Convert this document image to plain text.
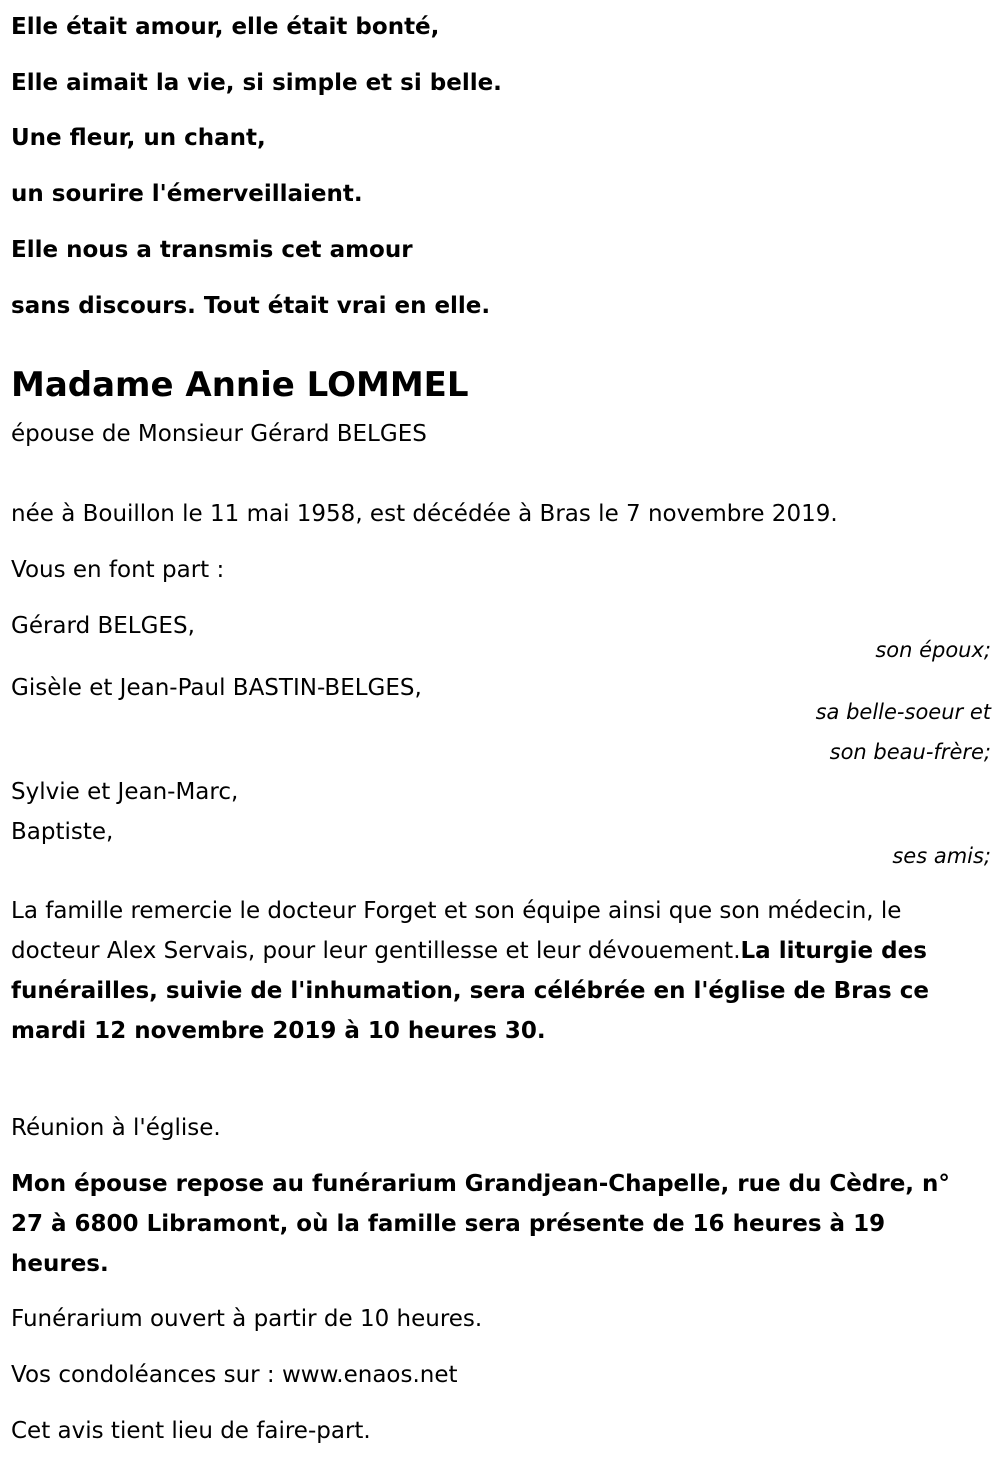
Elle était amour, elle était bonté,
Elle aimait la vie, si simple et si belle.
Une fleur, un chant,
un sourire l'émerveillaient.
Elle nous a transmis cet amour
sans discours. Tout était vrai en elle.
Madame Annie LOMMEL
épouse de Monsieur Gérard BELGES
née à Bouillon le 11 mai 1958, est décédée à Bras le 7 novembre 2019.
Vous en font part :
Gérard BELGES,
son époux;
Gisèle et Jean-Paul BASTIN-BELGES,
sa belle-soeur et
son beau-frère;
Sylvie et Jean-Marc,
Baptiste,
ses amis;
La famille remercie le docteur Forget et son équipe ainsi que son médecin, le docteur Alex Servais, pour leur gentillesse et leur dévouement.La liturgie des funérailles, suivie de l'inhumation, sera célébrée en l'église de Bras ce mardi 12 novembre 2019 à 10 heures 30.
Réunion à l'église.
Mon épouse repose au funérarium Grandjean-Chapelle, rue du Cèdre, n° 27 à 6800 Libramont, où la famille sera présente de 16 heures à 19 heures.
Funérarium ouvert à partir de 10 heures.
Vos condoléances sur : www.enaos.net
Cet avis tient lieu de faire-part.
